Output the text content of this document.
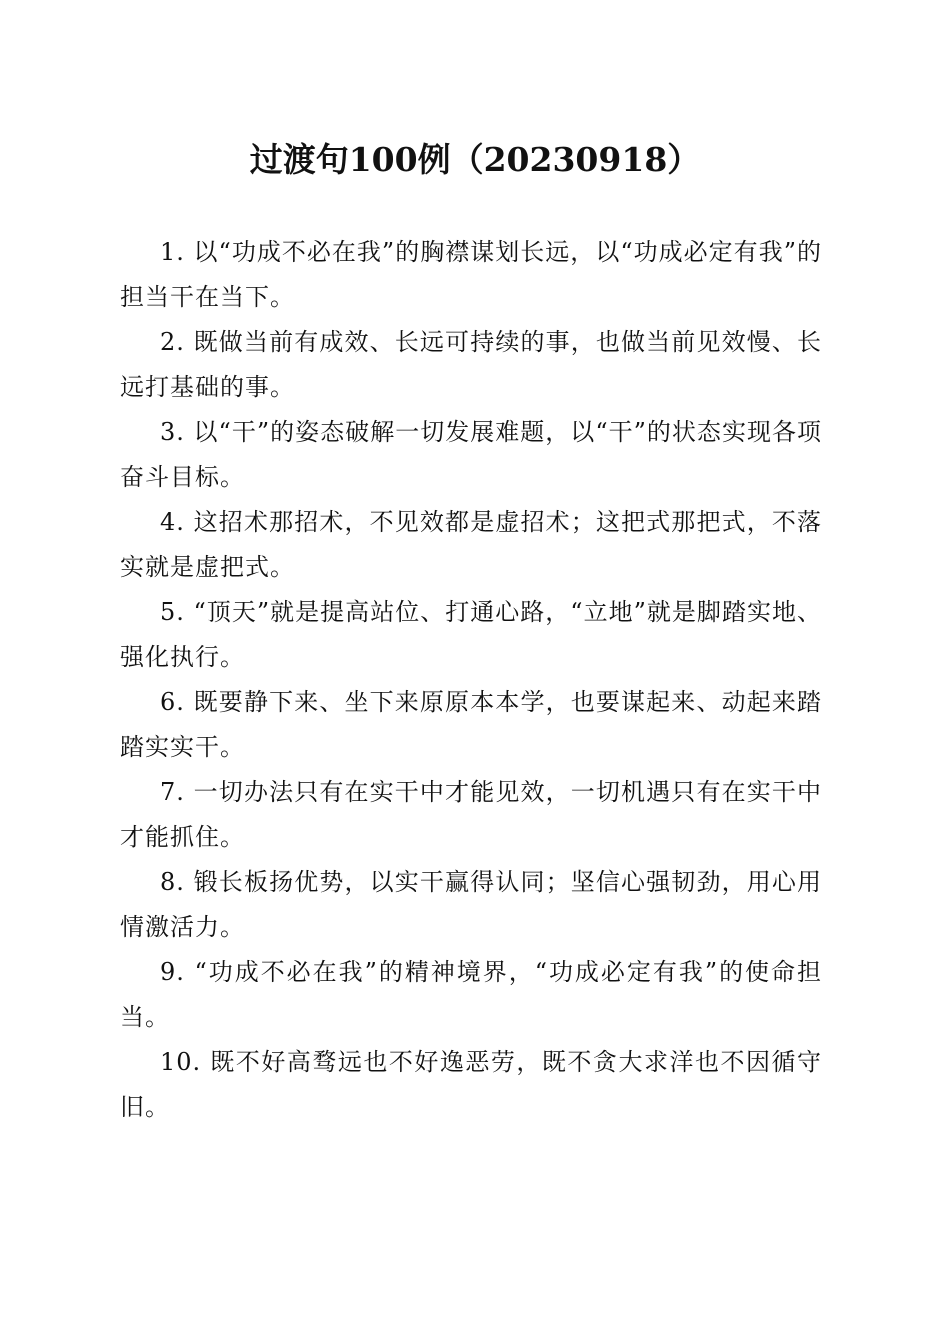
过渡句100例（20230918）

1. 以“功成不必在我”的胸襟谋划长远，以“功成必定有我”的担当干在当下。

2. 既做当前有成效、长远可持续的事，也做当前见效慢、长远打基础的事。

3. 以“干”的姿态破解一切发展难题，以“干”的状态实现各项奋斗目标。

4. 这招术那招术，不见效都是虚招术；这把式那把式，不落实就是虚把式。

5. “顶天”就是提高站位、打通心路，“立地”就是脚踏实地、强化执行。

6. 既要静下来、坐下来原原本本学，也要谋起来、动起来踏踏实实干。

7. 一切办法只有在实干中才能见效，一切机遇只有在实干中才能抓住。

8. 锻长板扬优势，以实干赢得认同；坚信心强韧劲，用心用情激活力。

9. “功成不必在我”的精神境界，“功成必定有我”的使命担当。

10. 既不好高骛远也不好逸恶劳，既不贪大求洋也不因循守旧。
